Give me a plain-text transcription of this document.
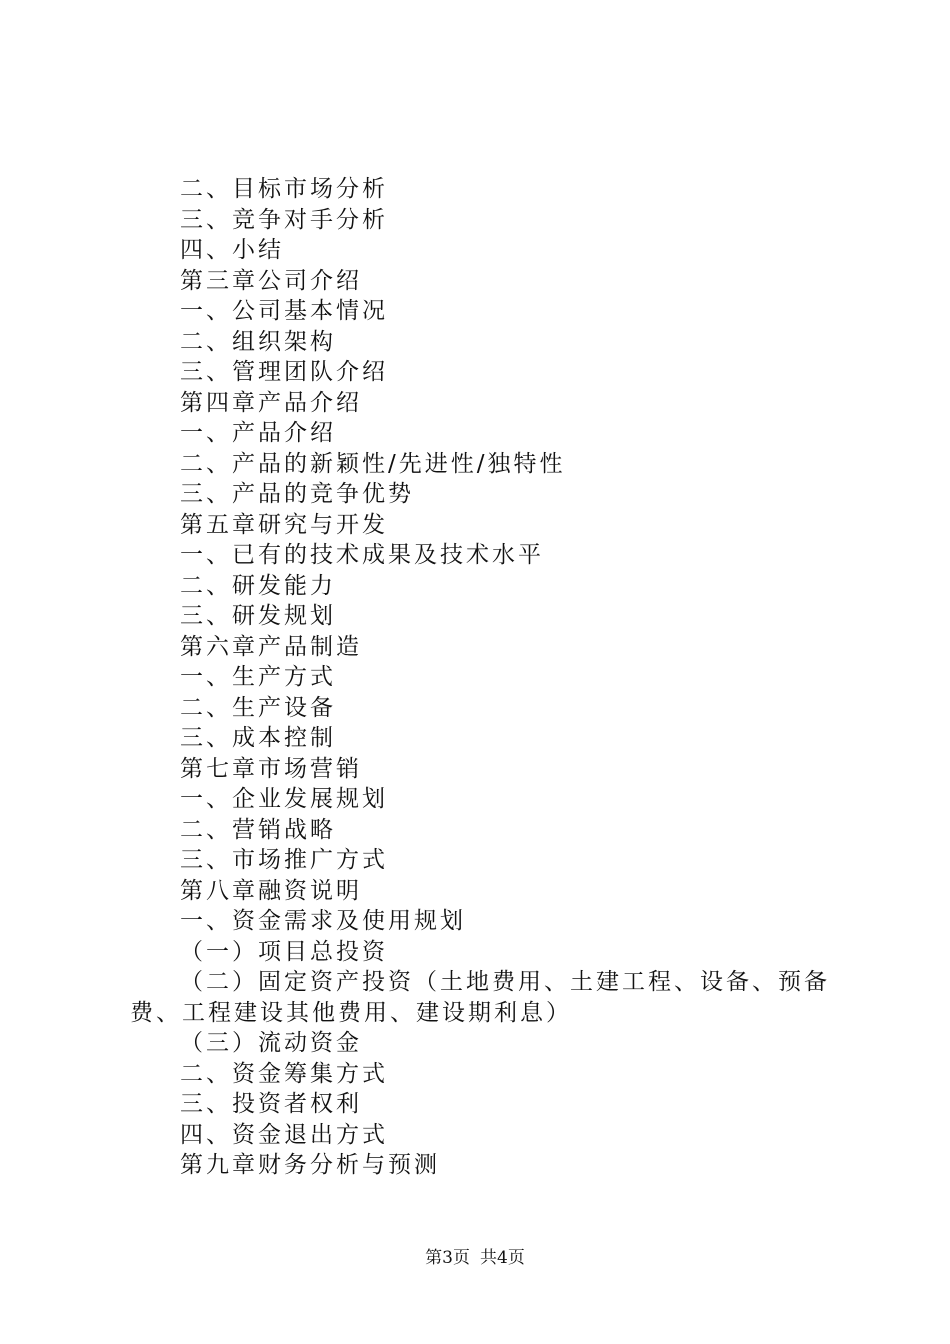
二、目标市场分析
三、竞争对手分析
四、小结
第三章公司介绍
一、公司基本情况
二、组织架构
三、管理团队介绍
第四章产品介绍
一、产品介绍
二、产品的新颖性/先进性/独特性
三、产品的竞争优势
第五章研究与开发
一、已有的技术成果及技术水平
二、研发能力
三、研发规划
第六章产品制造
一、生产方式
二、生产设备
三、成本控制
第七章市场营销
一、企业发展规划
二、营销战略
三、市场推广方式
第八章融资说明
一、资金需求及使用规划
（一）项目总投资
（二）固定资产投资（土地费用、土建工程、设备、预备费、工程建设其他费用、建设期利息）
（三）流动资金
二、资金筹集方式
三、投资者权利
四、资金退出方式
第九章财务分析与预测
第3页 共4页
